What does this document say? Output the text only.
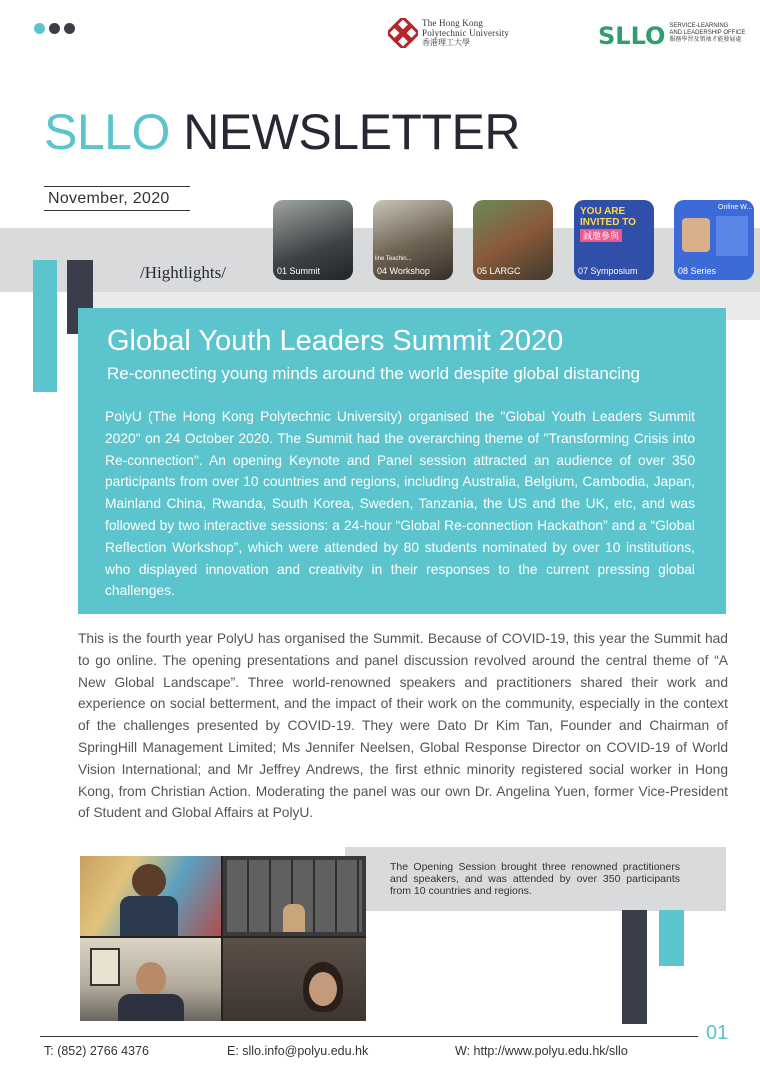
The Hong Kong
Polytechnic University
香港理工大學	SLLO SERVICE-LEARNING
AND LEADERSHIP OFFICE
服務學習及領袖才能發展處
SLLO NEWSLETTER
November, 2020
/Hightlights/	01 Summit
line Teachin...
04 Workshop	05 LARGC
YOU ARE INVITED TO
誠邀參與
07 Symposium
Online W...
08 Series
Global Youth Leaders Summit 2020
Re-connecting young minds around the world despite global distancing

PolyU (The Hong Kong Polytechnic University) organised the "Global Youth Leaders Summit 2020" on 24 October 2020. The Summit had the overarching theme of "Transforming Crisis into Re-connection". An opening Keynote and Panel session attracted an audience of over 350 participants from over 10 countries and regions, including Australia, Belgium, Cambodia, Japan, Mainland China, Rwanda, South Korea, Sweden, Tanzania, the US and the UK, etc, and was followed by two interactive sessions: a 24-hour “Global Re-connection Hackathon” and a “Global Reflection Workshop”, which were attended by 80 students nominated by over 10 institutions, who displayed innovation and creativity in their responses to the current pressing global challenges.

This is the fourth year PolyU has organised the Summit. Because of COVID-19, this year the Summit had to go online. The opening presentations and panel discussion revolved around the central theme of “A New Global Landscape”. Three world-renowned speakers and practitioners shared their work and experience on social betterment, and the impact of their work on the community, especially in the context of the challenges presented by COVID-19. They were Dato Dr Kim Tan, Founder and Chairman of SpringHill Management Limited; Ms Jennifer Neelsen, Global Response Director on COVID-19 of World Vision International; and Mr Jeffrey Andrews, the first ethnic minority registered social worker in Hong Kong, from Christian Action. Moderating the panel was our own Dr. Angelina Yuen, former Vice-President of Student and Global Affairs at PolyU.

The Opening Session brought three renowned practitioners and speakers, and was attended by over 350 participants from 10 countries and regions.

01
T: (852) 2766 4376	E: sllo.info@polyu.edu.hk	W: http://www.polyu.edu.hk/sllo
